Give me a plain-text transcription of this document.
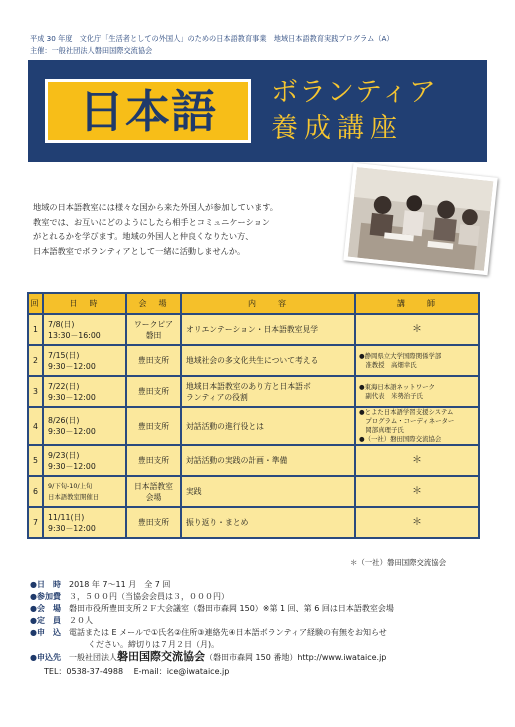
平成 30 年度　文化庁「生活者としての外国人」のための日本語教育事業　地域日本語教育実践プログラム（A）
主催：一般社団法人磐田国際交流協会
日本語 ボランティア
養成講座

地域の日本語教室には様々な国から来た外国人が参加しています。

教室では、お互いにどのようにしたら相手とコミュニケーション

がとれるかを学びます。地域の外国人と仲良くなりたい方、

日本語教室でボランティアとして一緒に活動しませんか。

回	日　時	会　場	内　　容	講　　師
1	7/8(日)
13:30－16:00	ワークピア
磐田	オリエンテーション・日本語教室見学	＊
2	7/15(日)
9:30－12:00	豊田支所	地域社会の多文化共生について考える	●静岡県立大学国際関係学部
　准教授　高畑幸氏
3	7/22(日)
9:30－12:00	豊田支所	地域日本語教室のあり方と日本語ボ
ランティアの役割	●東海日本語ネットワーク
　副代表　米勢治子氏
4	8/26(日)
9:30－12:00	豊田支所	対話活動の進行役とは	●とよた日本語学習支援システム
　プログラム・コーディネーター
　岡部真理子氏
●（一社）磐田国際交流協会
5	9/23(日)
9:30－12:00	豊田支所	対話活動の実践の計画・準備	＊
6	9/下旬-10/上旬
日本語教室開催日	日本語教室
会場	実践	＊
7	11/11(日)
9:30－12:00	豊田支所	振り返り・まとめ	＊
＊（一社）磐田国際交流協会
●日　時　 2018 年 7～11 月　全 7 回
●参加費　 ３，５００円（当協会会員は３，０００円）
●会　場　 磐田市役所豊田支所２Ｆ大会議室（磐田市森岡 150）※第 1 回、第 6 回は日本語教室会場
●定　員　 ２０人
●申　込　 電話または E メールで①氏名②住所③連絡先④日本語ボランティア経験の有無をお知らせ
ください。締切りは７月２日（月)。
●申込先　 一般社団法人磐田国際交流協会（磐田市森岡 150 番地）http://www.iwataice.jp
TEL：0538-37-4988　 E-mail：ice@iwataice.jp
